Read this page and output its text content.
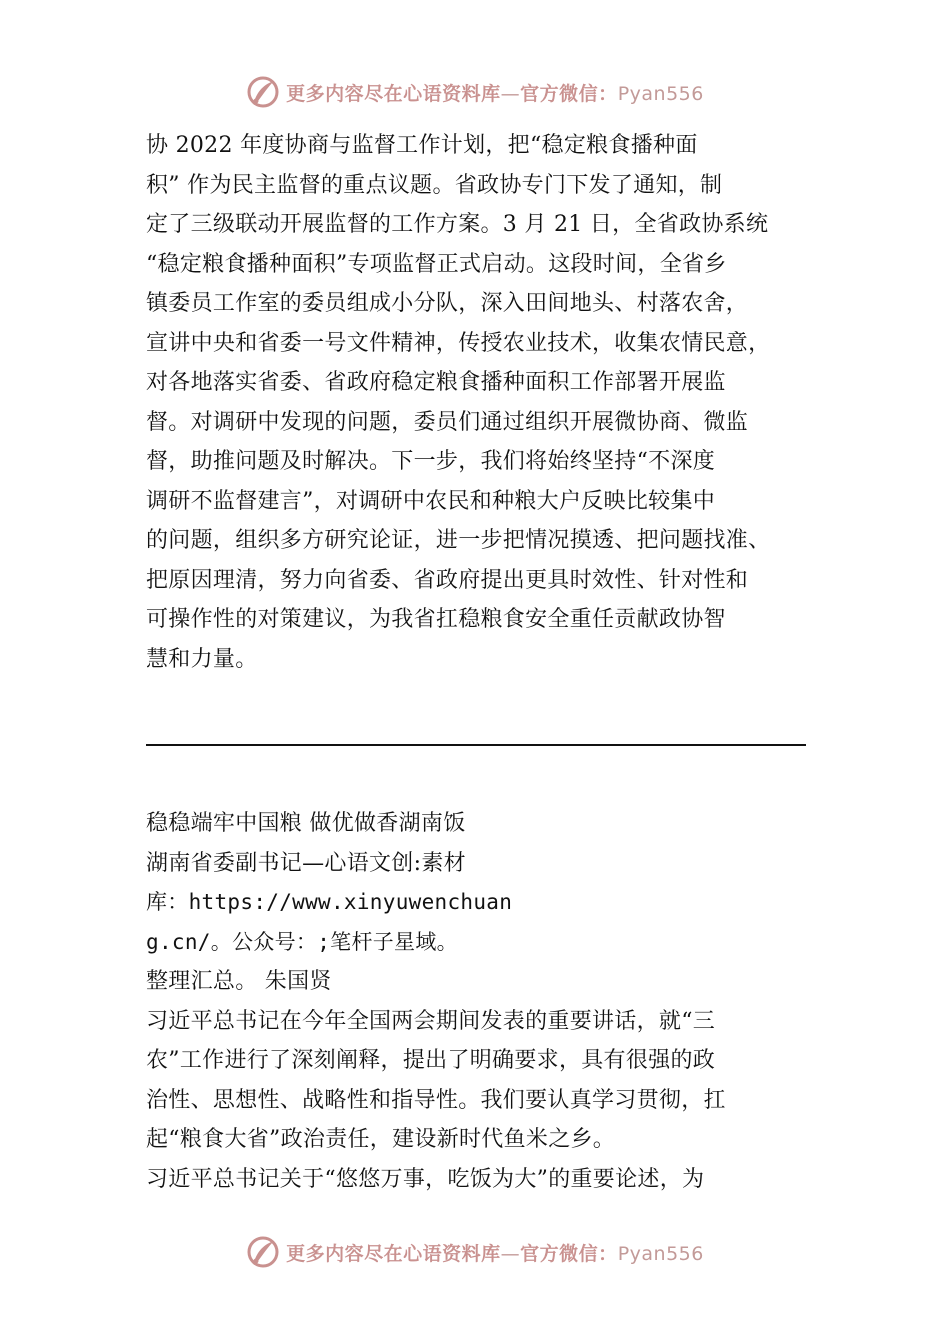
更多内容尽在心语资料库—官方微信：Pyan556
协 2022 年度协商与监督工作计划，把“稳定粮食播种面
积” 作为民主监督的重点议题。省政协专门下发了通知，制
定了三级联动开展监督的工作方案。3 月 21 日，全省政协系统
“稳定粮食播种面积”专项监督正式启动。这段时间，全省乡
镇委员工作室的委员组成小分队，深入田间地头、村落农舍，
宣讲中央和省委一号文件精神，传授农业技术，收集农情民意，
对各地落实省委、省政府稳定粮食播种面积工作部署开展监
督。对调研中发现的问题，委员们通过组织开展微协商、微监
督，助推问题及时解决。下一步，我们将始终坚持“不深度
调研不监督建言”，对调研中农民和种粮大户反映比较集中
的问题，组织多方研究论证，进一步把情况摸透、把问题找准、
把原因理清，努力向省委、省政府提出更具时效性、针对性和
可操作性的对策建议，为我省扛稳粮食安全重任贡献政协智
慧和力量。
稳稳端牢中国粮 做优做香湖南饭
湖南省委副书记—心语文创:素材
库：https://www.xinyuwenchuan
g.cn/。公众号：;笔杆子星域。
整理汇总。 朱国贤
习近平总书记在今年全国两会期间发表的重要讲话，就“三
农”工作进行了深刻阐释，提出了明确要求，具有很强的政
治性、思想性、战略性和指导性。我们要认真学习贯彻，扛
起“粮食大省”政治责任，建设新时代鱼米之乡。
习近平总书记关于“悠悠万事，吃饭为大”的重要论述，为
更多内容尽在心语资料库—官方微信：Pyan556
